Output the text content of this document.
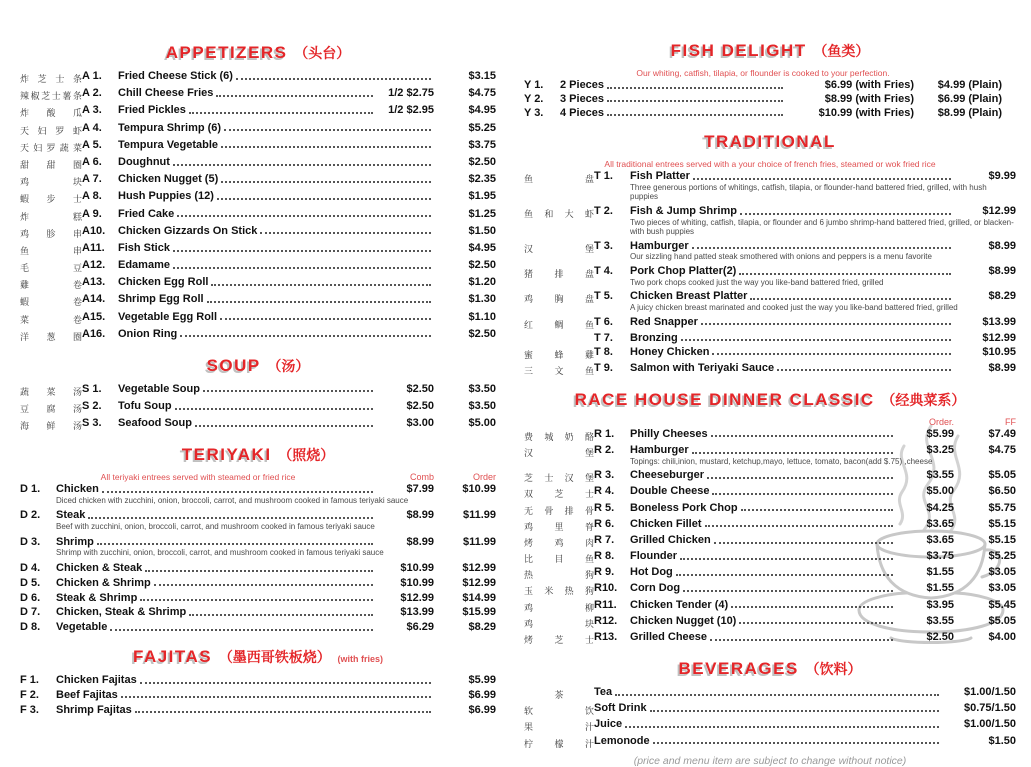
APPETIZERS （头台）
炸 芝 士 条 A 1.	Fried Cheese Stick (6)	$3.15
辣 椒 芝 士 薯 条 A 2.	Chill Cheese Fries	1/2 $2.75	$4.75
炸 酸 瓜 A 3.	Fried Pickles	1/2 $2.95	$4.95
天 妇 罗 虾 A 4.	Tempura Shrimp (6)	$5.25
天 妇 罗 蔬 菜 A 5.	Tempura Vegetable	$3.75
甜 甜 圈 A 6.	Doughnut	$2.50
鸡	块 A 7.	Chicken Nugget (5)	$2.35
蝦 步 士 A 8.	Hush Puppies (12)	$1.95
炸	糕 A 9.	Fried Cake	$1.25
鸡 胗 串 A10.	Chicken Gizzards On Stick	$1.50
鱼	串 A11.	Fish Stick	$4.95
毛	豆 A12.	Edamame	$2.50
雞	卷 A13.	Chicken Egg Roll	$1.20
蝦	卷 A14.	Shrimp Egg Roll	$1.30
菜	卷 A15.	Vegetable Egg Roll	$1.10
洋 葱 圈 A16.	Onion Ring	$2.50
SOUP （汤）
蔬 菜 汤 S 1.	Vegetable Soup	$2.50	$3.50
豆 腐 汤 S 2.	Tofu Soup	$2.50	$3.50
海 鲜 汤 S 3.	Seafood Soup	$3.00	$5.00
TERIYAKI （照烧）
All teriyaki entrees served with steamed or fried rice	Comb	Order
D 1.	Chicken	$7.99	$10.99
Diced chicken with zucchini, onion, broccoli, carrot, and mushroom cooked in famous teriyaki sauce
D 2.	Steak	$8.99	$11.99
Beef with zucchini, onion, broccoli, carrot, and mushroom cooked in famous teriyaki sauce
D 3.	Shrimp	$8.99	$11.99
Shrimp with zucchini, onion, broccoli, carrot, and mushroom cooked in famous teriyaki sauce
D 4.	Chicken & Steak	$10.99	$12.99
D 5.	Chicken & Shrimp	$10.99	$12.99
D 6.	Steak & Shrimp	$12.99	$14.99
D 7.	Chicken, Steak & Shrimp	$13.99	$15.99
D 8.	Vegetable	$6.29	$8.29
FAJITAS （墨西哥铁板烧） (with fries)
F 1.	Chicken Fajitas	$5.99
F 2.	Beef Fajitas	$6.99
F 3.	Shrimp Fajitas	$6.99
FISH DELIGHT （鱼类）
Our whiting, catfish, tilapia, or flounder is cooked to your perfection.
Y 1.	2 Pieces	$6.99 (with Fries)	$4.99 (Plain)
Y 2.	3 Pieces	$8.99 (with Fries)	$6.99 (Plain)
Y 3.	4 Pieces	$10.99 (with Fries)	$8.99 (Plain)
TRADITIONAL
All traditional entrees served with a your choice of french fries, steamed or wok fried rice
鱼	盘 T 1.	Fish Platter	$9.99
Three generous portions of whitings, catfish, tilapia, or flounder-hand battered fried, grilled, with hush puppies
鱼 和 大 虾 T 2.	Fish & Jump Shrimp	$12.99
Two pieces of whiting, catfish, tilapia, or flounder and 6 jumbo shrimp-hand battered fried, grilled, or blacken-with bush puppies
汉	堡 T 3.	Hamburger	$8.99
Our sizzling hand patted steak smothered with onions and peppers is a menu favorite
猪 排 盘 T 4.	Pork Chop Platter(2)	$8.99
Two pork chops cooked just the way you like-band battered fried, grilled
鸡 胸 盘 T 5.	Chicken Breast Platter	$8.29
A juicy chicken breast marinated and cooked just the way you like-band battered fried, grilled
红 鲷 鱼 T 6.	Red Snapper	$13.99
T 7.	Bronzing	$12.99
蜜 蜂 雞 T 8.	Honey Chicken	$10.95
三 文 鱼 T 9.	Salmon with Teriyaki Sauce	$8.99
RACE HOUSE DINNER CLASSIC （经典菜系）
Order.	FF
费 城 奶 酪 R 1.	Philly Cheeses	$5.99	$7.49
汉	堡 R 2.	Hamburger	$3.25	$4.75
Topings: chili,inion, mustard, ketchup,mayo, lettuce, tomato, bacon(add $.75) ,cheese
芝 士 汉 堡 R 3.	Cheeseburger	$3.55	$5.05
双 芝 士 R 4.	Double Cheese	$5.00	$6.50
无 骨 排 骨 R 5.	Boneless Pork Chop	$4.25	$5.75
鸡 里 脊 R 6.	Chicken Fillet	$3.65	$5.15
烤 鸡 肉 R 7.	Grilled Chicken	$3.65	$5.15
比 目 鱼 R 8.	Flounder	$3.75	$5.25
热	狗 R 9.	Hot Dog	$1.55	$3.05
玉 米 热 狗 R10.	Corn Dog	$1.55	$3.05
鸡	柳 R11.	Chicken Tender (4)	$3.95	$5.45
鸡	块 R12.	Chicken Nugget (10)	$3.55	$5.05
烤 芝 士 R13.	Grilled Cheese	$2.50	$4.00
BEVERAGES （饮料）
茶	Tea	$1.00/1.50
软	饮 Soft Drink	$0.75/1.50
果	汁 Juice	$1.00/1.50
柠 檬 汁 Lemonode	$1.50
(price and menu item are subject to change without notice)
